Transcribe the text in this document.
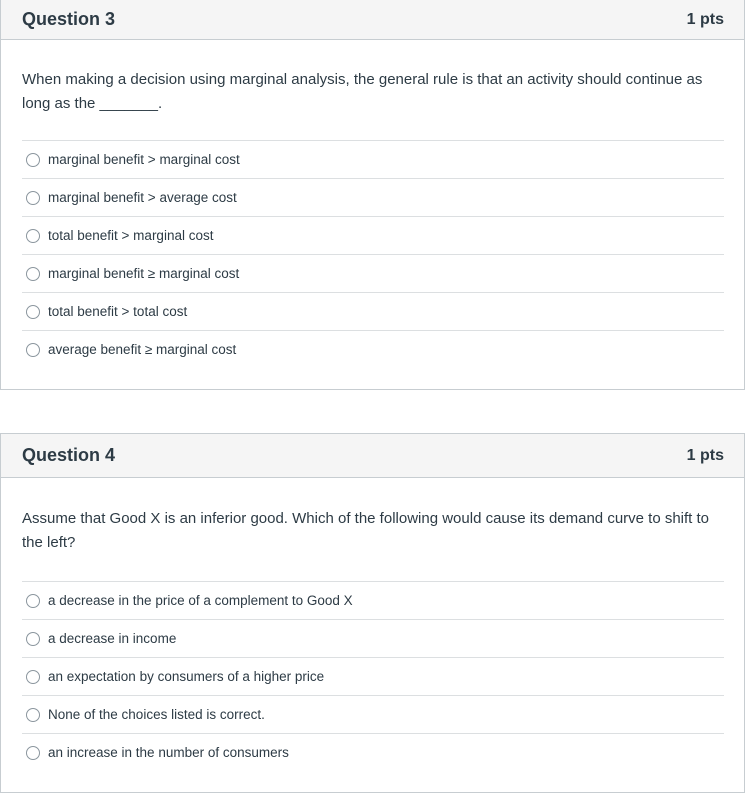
Question 3	1 pts
When making a decision using marginal analysis, the general rule is that an activity should continue as long as the _______.
marginal benefit > marginal cost
marginal benefit > average cost
total benefit > marginal cost
marginal benefit ≥ marginal cost
total benefit > total cost
average benefit ≥ marginal cost
Question 4	1 pts
Assume that Good X is an inferior good. Which of the following would cause its demand curve to shift to the left?
a decrease in the price of a complement to Good X
a decrease in income
an expectation by consumers of a higher price
None of the choices listed is correct.
an increase in the number of consumers
